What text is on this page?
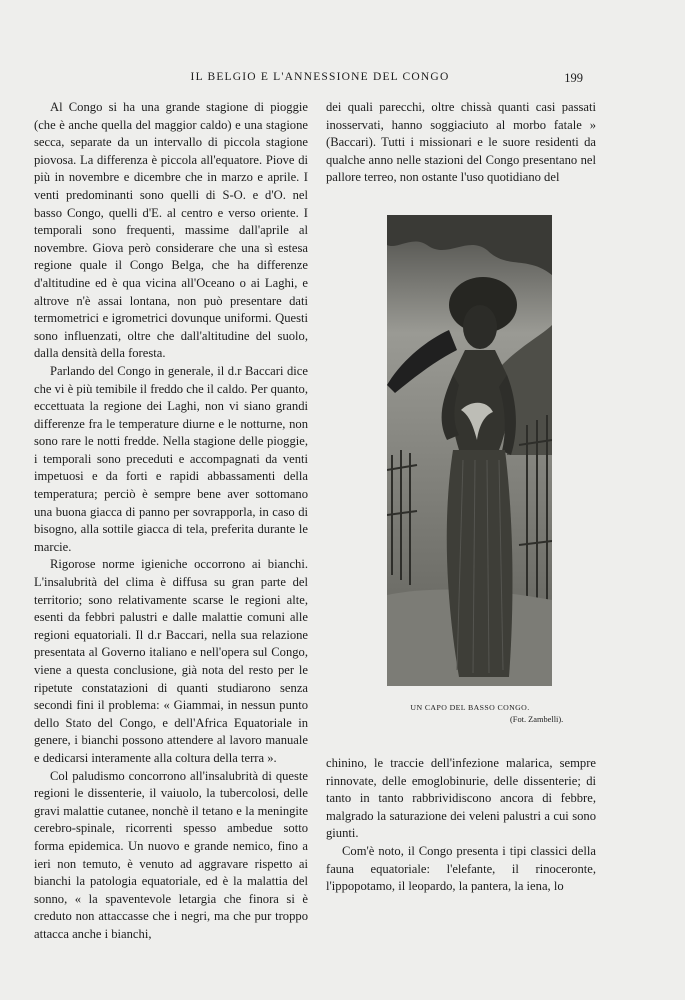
IL BELGIO E L'ANNESSIONE DEL CONGO	199

Al Congo si ha una grande stagione di pioggie (che è anche quella del maggior caldo) e una stagione secca, separate da un intervallo di piccola stagione piovosa. La differenza è piccola all'equatore. Piove di più in novembre e dicembre che in marzo e aprile. I venti predominanti sono quelli di S-O. e d'O. nel basso Congo, quelli d'E. al centro e verso oriente. I temporali sono frequenti, massime dall'aprile al novembre. Giova però considerare che una sì estesa regione quale il Congo Belga, che ha differenze d'altitudine ed è qua vicina all'Oceano o ai Laghi, e altrove n'è assai lontana, non può presentare dati termometrici e igrometrici dovunque uniformi. Questi sono influenzati, oltre che dall'altitudine del suolo, dalla densità della foresta.

Parlando del Congo in generale, il d.r Baccari dice che vi è più temibile il freddo che il caldo. Per quanto, eccettuata la regione dei Laghi, non vi siano grandi differenze fra le temperature diurne e le notturne, non sono rare le notti fredde. Nella stagione delle pioggie, i temporali sono preceduti e accompagnati da venti impetuosi e da forti e rapidi abbassamenti della temperatura; perciò è sempre bene aver sottomano una buona giacca di panno per sovrapporla, in caso di bisogno, alla sottile giacca di tela, preferita durante le marcie.

Rigorose norme igieniche occorrono ai bianchi. L'insalubrità del clima è diffusa su gran parte del territorio; sono relativamente scarse le regioni alte, esenti da febbri palustri e dalle malattie comuni alle regioni equatoriali. Il d.r Baccari, nella sua relazione presentata al Governo italiano e nell'opera sul Congo, viene a questa conclusione, già nota del resto per le ripetute constatazioni di quanti studiarono senza secondi fini il problema: « Giammai, in nessun punto dello Stato del Congo, e dell'Africa Equatoriale in genere, i bianchi possono attendere al lavoro manuale e dedicarsi interamente alla coltura della terra ».

Col paludismo concorrono all'insalubrità di queste regioni le dissenterie, il vaiuolo, la tubercolosi, delle gravi malattie cutanee, nonchè il tetano e la meningite cerebro-spinale, ricorrenti spesso ambedue sotto forma epidemica. Un nuovo e grande nemico, fino a ieri non temuto, è venuto ad aggravare rispetto ai bianchi la patologia equatoriale, ed è la malattia del sonno, « la spaventevole letargia che finora si è creduto non attaccasse che i negri, ma che pur troppo attacca anche i bianchi,

dei quali parecchi, oltre chissà quanti casi passati inosservati, hanno soggiaciuto al morbo fatale » (Baccari). Tutti i missionari e le suore residenti da qualche anno nelle stazioni del Congo presentano nel pallore terreo, non ostante l'uso quotidiano del

UN CAPO DEL BASSO CONGO.
(Fot. Zambelli).

chinino, le traccie dell'infezione malarica, sempre rinnovate, delle emoglobinurie, delle dissenterie; di tanto in tanto rabbrividiscono ancora di febbre, malgrado la saturazione dei veleni palustri a cui sono giunti.

Com'è noto, il Congo presenta i tipi classici della fauna equatoriale: l'elefante, il rinoceronte, l'ippopotamo, il leopardo, la pantera, la iena, lo
